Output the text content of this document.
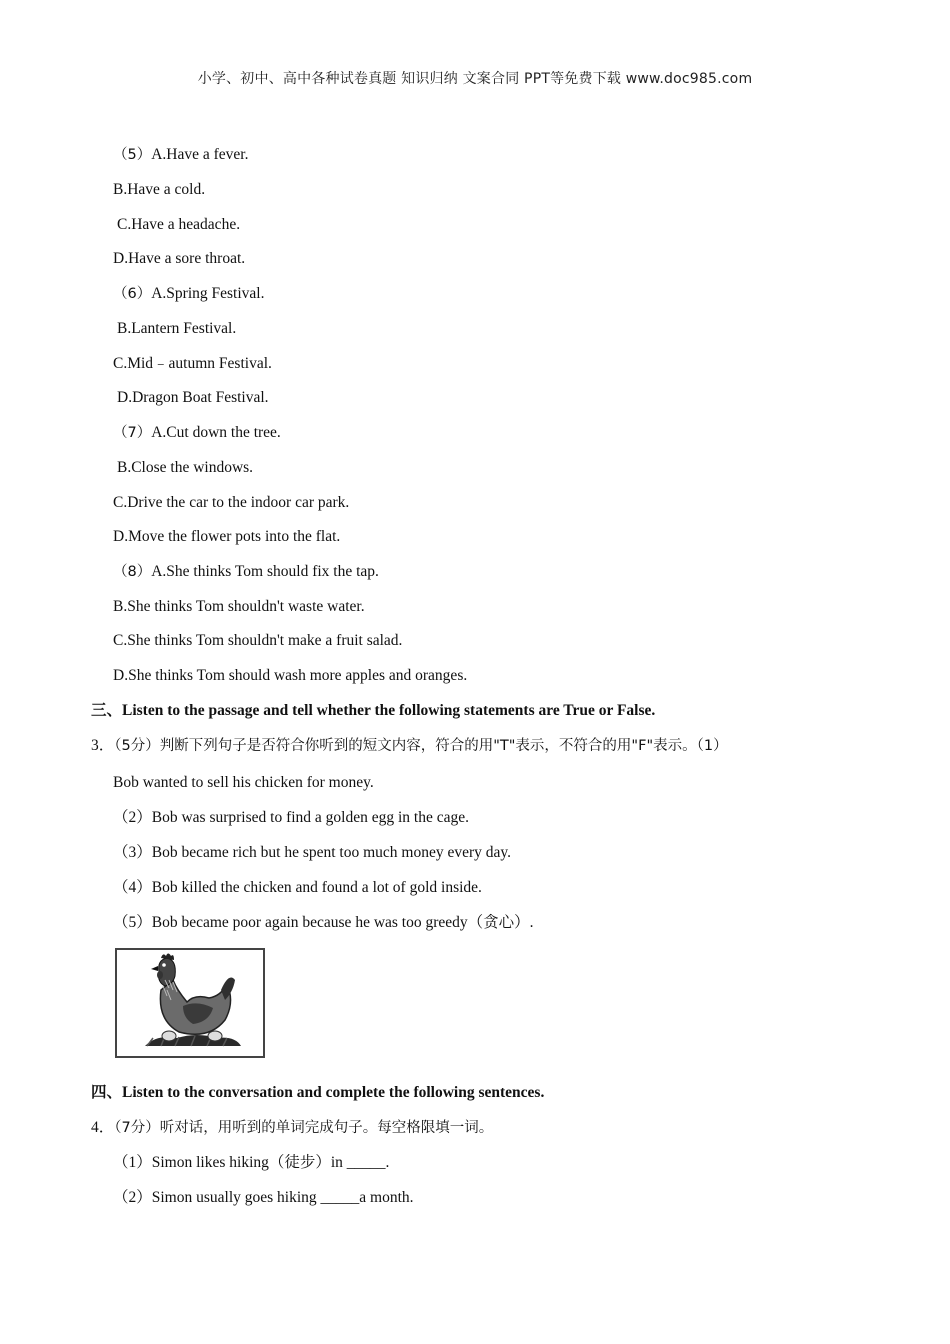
小学、初中、高中各种试卷真题 知识归纳 文案合同 PPT等免费下载 www.doc985.com
（5）A.Have a fever.
B.Have a cold.
C.Have a headache.
D.Have a sore throat.
（6）A.Spring Festival.
B.Lantern Festival.
C.Mid﹣autumn Festival.
D.Dragon Boat Festival.
（7）A.Cut down the tree.
B.Close the windows.
C.Drive the car to the indoor car park.
D.Move the flower pots into the flat.
（8）A.She thinks Tom should fix the tap.
B.She thinks Tom shouldn't waste water.
C.She thinks Tom shouldn't make a fruit salad.
D.She thinks Tom should wash more apples and oranges.
三、Listen to the passage and tell whether the following statements are True or False.
3．（5分）判断下列句子是否符合你听到的短文内容，符合的用"T"表示，不符合的用"F"表示。（1）
Bob wanted to sell his chicken for money.
（2）Bob was surprised to find a golden egg in the cage.
（3）Bob became rich but he spent too much money every day.
（4）Bob killed the chicken and found a lot of gold inside.
（5）Bob became poor again because he was too greedy（贪心）.
四、Listen to the conversation and complete the following sentences.
4．（7分）听对话，用听到的单词完成句子。每空格限填一词。
（1）Simon likes hiking（徒步）in _____.
（2）Simon usually goes hiking _____a month.
